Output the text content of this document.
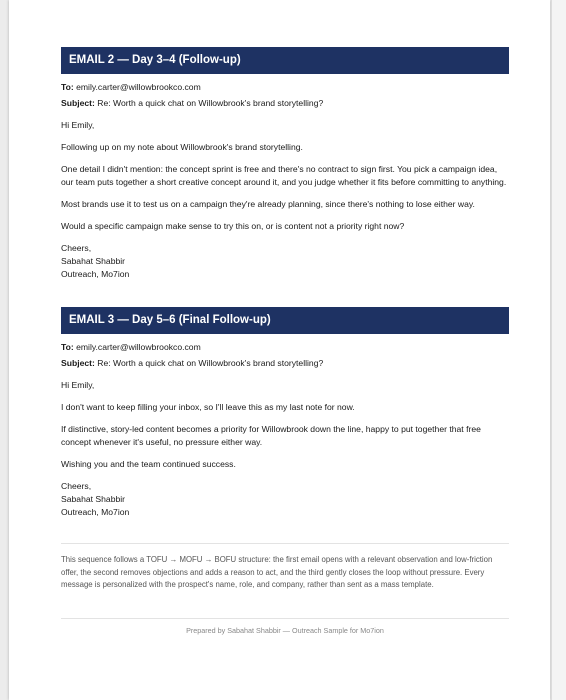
EMAIL 2 — Day 3–4 (Follow-up)

To: emily.carter@willowbrookco.com

Subject: Re: Worth a quick chat on Willowbrook's brand storytelling?

Hi Emily,

Following up on my note about Willowbrook's brand storytelling.

One detail I didn't mention: the concept sprint is free and there's no contract to sign first. You pick a campaign idea, our team puts together a short creative concept around it, and you judge whether it fits before committing to anything.

Most brands use it to test us on a campaign they're already planning, since there's nothing to lose either way.

Would a specific campaign make sense to try this on, or is content not a priority right now?

Cheers,

Sabahat Shabbir

Outreach, Mo7ion

EMAIL 3 — Day 5–6 (Final Follow-up)

To: emily.carter@willowbrookco.com

Subject: Re: Worth a quick chat on Willowbrook's brand storytelling?

Hi Emily,

I don't want to keep filling your inbox, so I'll leave this as my last note for now.

If distinctive, story-led content becomes a priority for Willowbrook down the line, happy to put together that free concept whenever it's useful, no pressure either way.

Wishing you and the team continued success.

Cheers,

Sabahat Shabbir

Outreach, Mo7ion

This sequence follows a TOFU → MOFU → BOFU structure: the first email opens with a relevant observation and low-friction offer, the second removes objections and adds a reason to act, and the third gently closes the loop without pressure. Every message is personalized with the prospect's name, role, and company, rather than sent as a mass template.
Prepared by Sabahat Shabbir — Outreach Sample for Mo7ion
